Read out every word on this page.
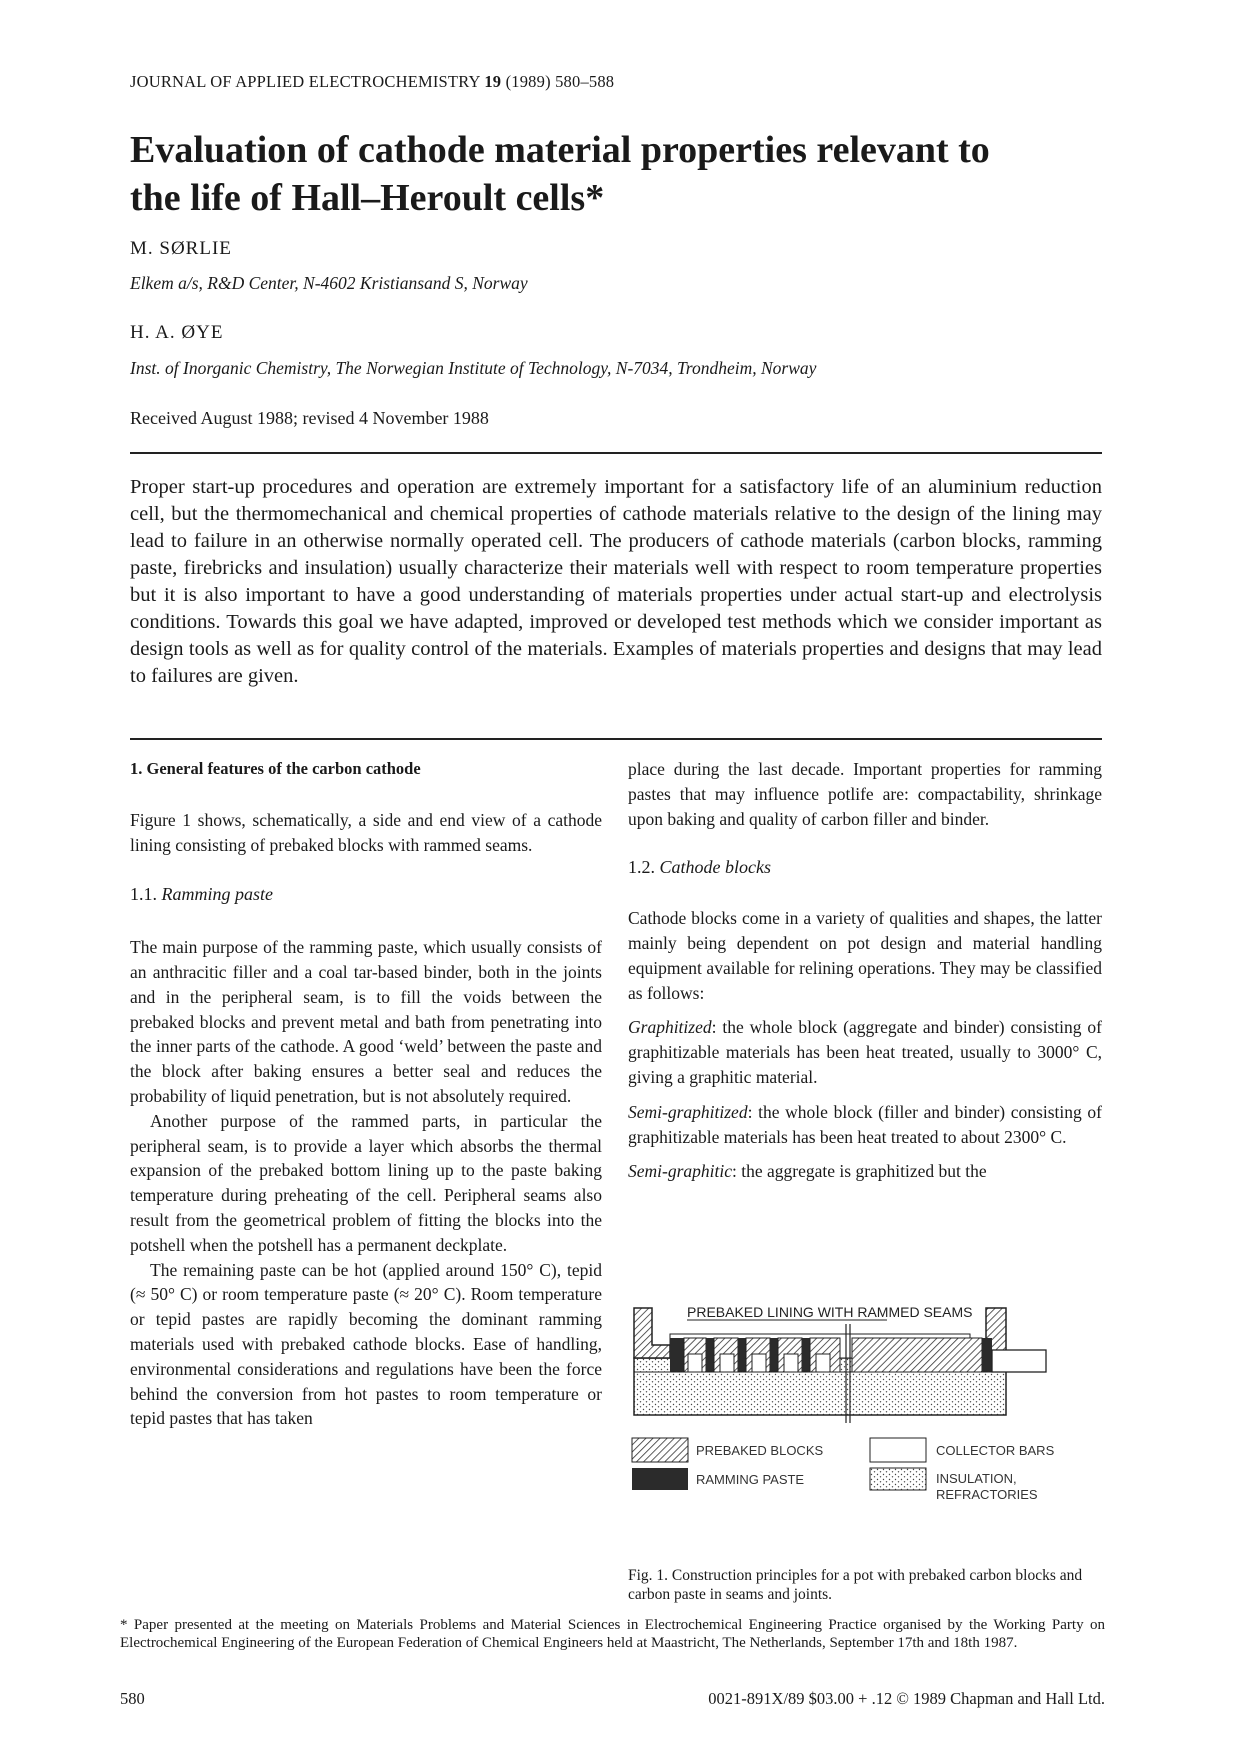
JOURNAL OF APPLIED ELECTROCHEMISTRY 19 (1989) 580–588
Evaluation of cathode material properties relevant to
the life of Hall–Heroult cells*
M. SØRLIE
Elkem a/s, R&D Center, N-4602 Kristiansand S, Norway
H. A. ØYE
Inst. of Inorganic Chemistry, The Norwegian Institute of Technology, N-7034, Trondheim, Norway
Received August 1988; revised 4 November 1988
Proper start-up procedures and operation are extremely important for a satisfactory life of an aluminium reduction cell, but the thermomechanical and chemical properties of cathode materials relative to the design of the lining may lead to failure in an otherwise normally operated cell. The producers of cathode materials (carbon blocks, ramming paste, firebricks and insulation) usually characterize their materials well with respect to room temperature properties but it is also important to have a good understanding of materials properties under actual start-up and electrolysis conditions. Towards this goal we have adapted, improved or developed test methods which we consider important as design tools as well as for quality control of the materials. Examples of materials properties and designs that may lead to failures are given.
1. General features of the carbon cathode

Figure 1 shows, schematically, a side and end view of a cathode lining consisting of prebaked blocks with rammed seams.

1.1. Ramming paste

The main purpose of the ramming paste, which usually consists of an anthracitic filler and a coal tar-based binder, both in the joints and in the peripheral seam, is to fill the voids between the prebaked blocks and prevent metal and bath from penetrating into the inner parts of the cathode. A good ‘weld’ between the paste and the block after baking ensures a better seal and reduces the probability of liquid penetration, but is not absolutely required.

Another purpose of the rammed parts, in particular the peripheral seam, is to provide a layer which absorbs the thermal expansion of the prebaked bottom lining up to the paste baking temperature during preheating of the cell. Peripheral seams also result from the geometrical problem of fitting the blocks into the potshell when the potshell has a permanent deckplate.

The remaining paste can be hot (applied around 150° C), tepid (≈ 50° C) or room temperature paste (≈ 20° C). Room temperature or tepid pastes are rapidly becoming the dominant ramming materials used with prebaked cathode blocks. Ease of handling, environmental considerations and regulations have been the force behind the conversion from hot pastes to room temperature or tepid pastes that has taken

place during the last decade. Important properties for ramming pastes that may influence potlife are: compactability, shrinkage upon baking and quality of carbon filler and binder.

1.2. Cathode blocks

Cathode blocks come in a variety of qualities and shapes, the latter mainly being dependent on pot design and material handling equipment available for relining operations. They may be classified as follows:

Graphitized: the whole block (aggregate and binder) consisting of graphitizable materials has been heat treated, usually to 3000° C, giving a graphitic material.

Semi-graphitized: the whole block (filler and binder) consisting of graphitizable materials has been heat treated to about 2300° C.

Semi-graphitic: the aggregate is graphitized but the

PREBAKED LINING WITH RAMMED SEAMS
PREBAKED BLOCKS
RAMMING PASTE
COLLECTOR BARS
INSULATION,
REFRACTORIES
Fig. 1. Construction principles for a pot with prebaked carbon blocks and carbon paste in seams and joints.
* Paper presented at the meeting on Materials Problems and Material Sciences in Electrochemical Engineering Practice organised by the Working Party on Electrochemical Engineering of the European Federation of Chemical Engineers held at Maastricht, The Netherlands, September 17th and 18th 1987.
580	0021-891X/89 $03.00 + .12 © 1989 Chapman and Hall Ltd.
